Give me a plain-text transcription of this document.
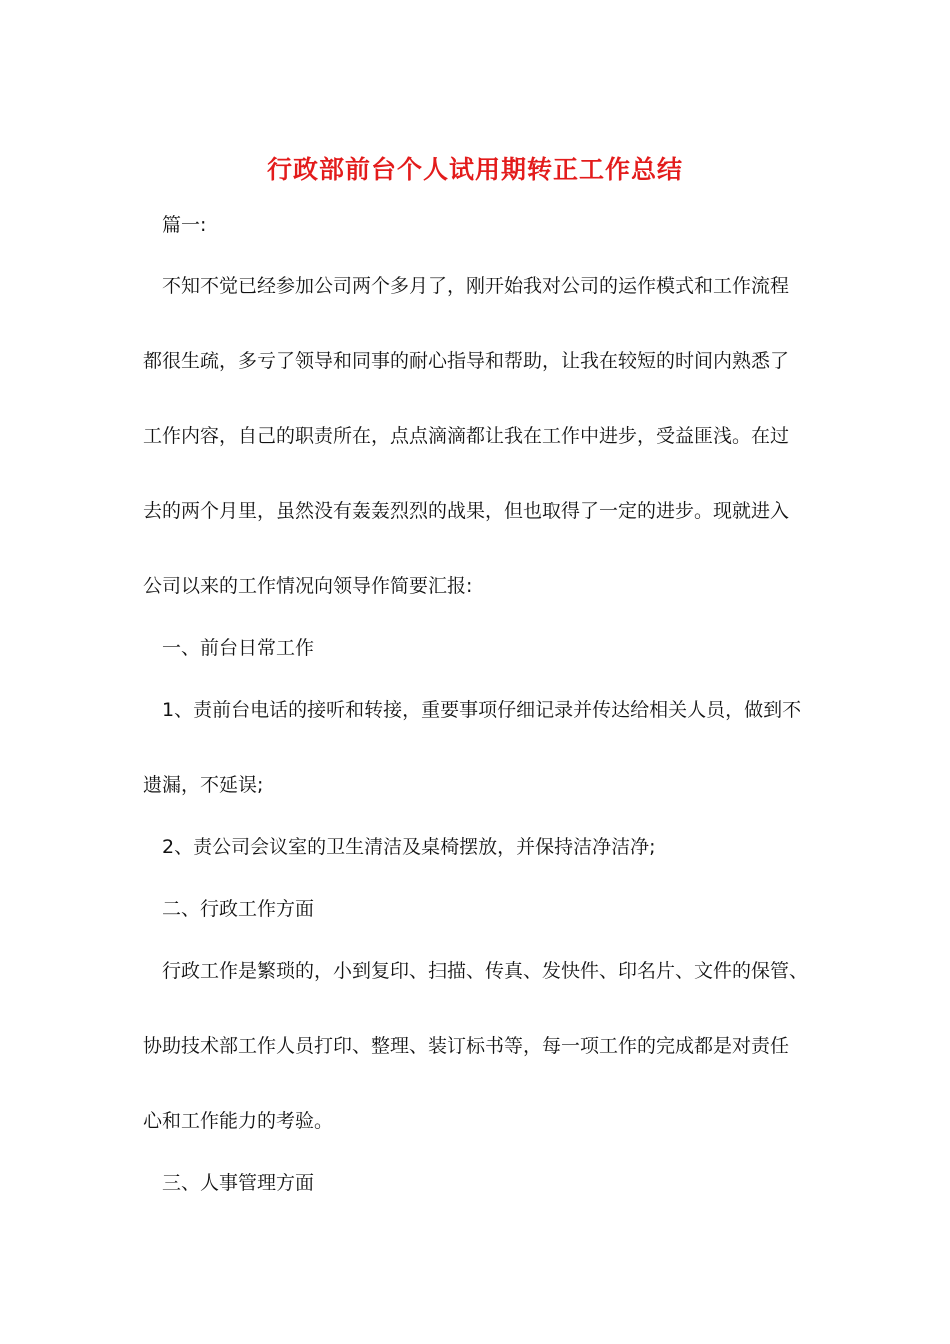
行政部前台个人试用期转正工作总结
篇一:
不知不觉已经参加公司两个多月了，刚开始我对公司的运作模式和工作流程
都很生疏，多亏了领导和同事的耐心指导和帮助，让我在较短的时间内熟悉了
工作内容，自己的职责所在，点点滴滴都让我在工作中进步，受益匪浅。在过
去的两个月里，虽然没有轰轰烈烈的战果，但也取得了一定的进步。现就进入
公司以来的工作情况向领导作简要汇报:
一、前台日常工作
1、责前台电话的接听和转接，重要事项仔细记录并传达给相关人员，做到不
遗漏，不延误;
2、责公司会议室的卫生清洁及桌椅摆放，并保持洁净洁净;
二、行政工作方面
行政工作是繁琐的，小到复印、扫描、传真、发快件、印名片、文件的保管、
协助技术部工作人员打印、整理、装订标书等，每一项工作的完成都是对责任
心和工作能力的考验。
三、人事管理方面
